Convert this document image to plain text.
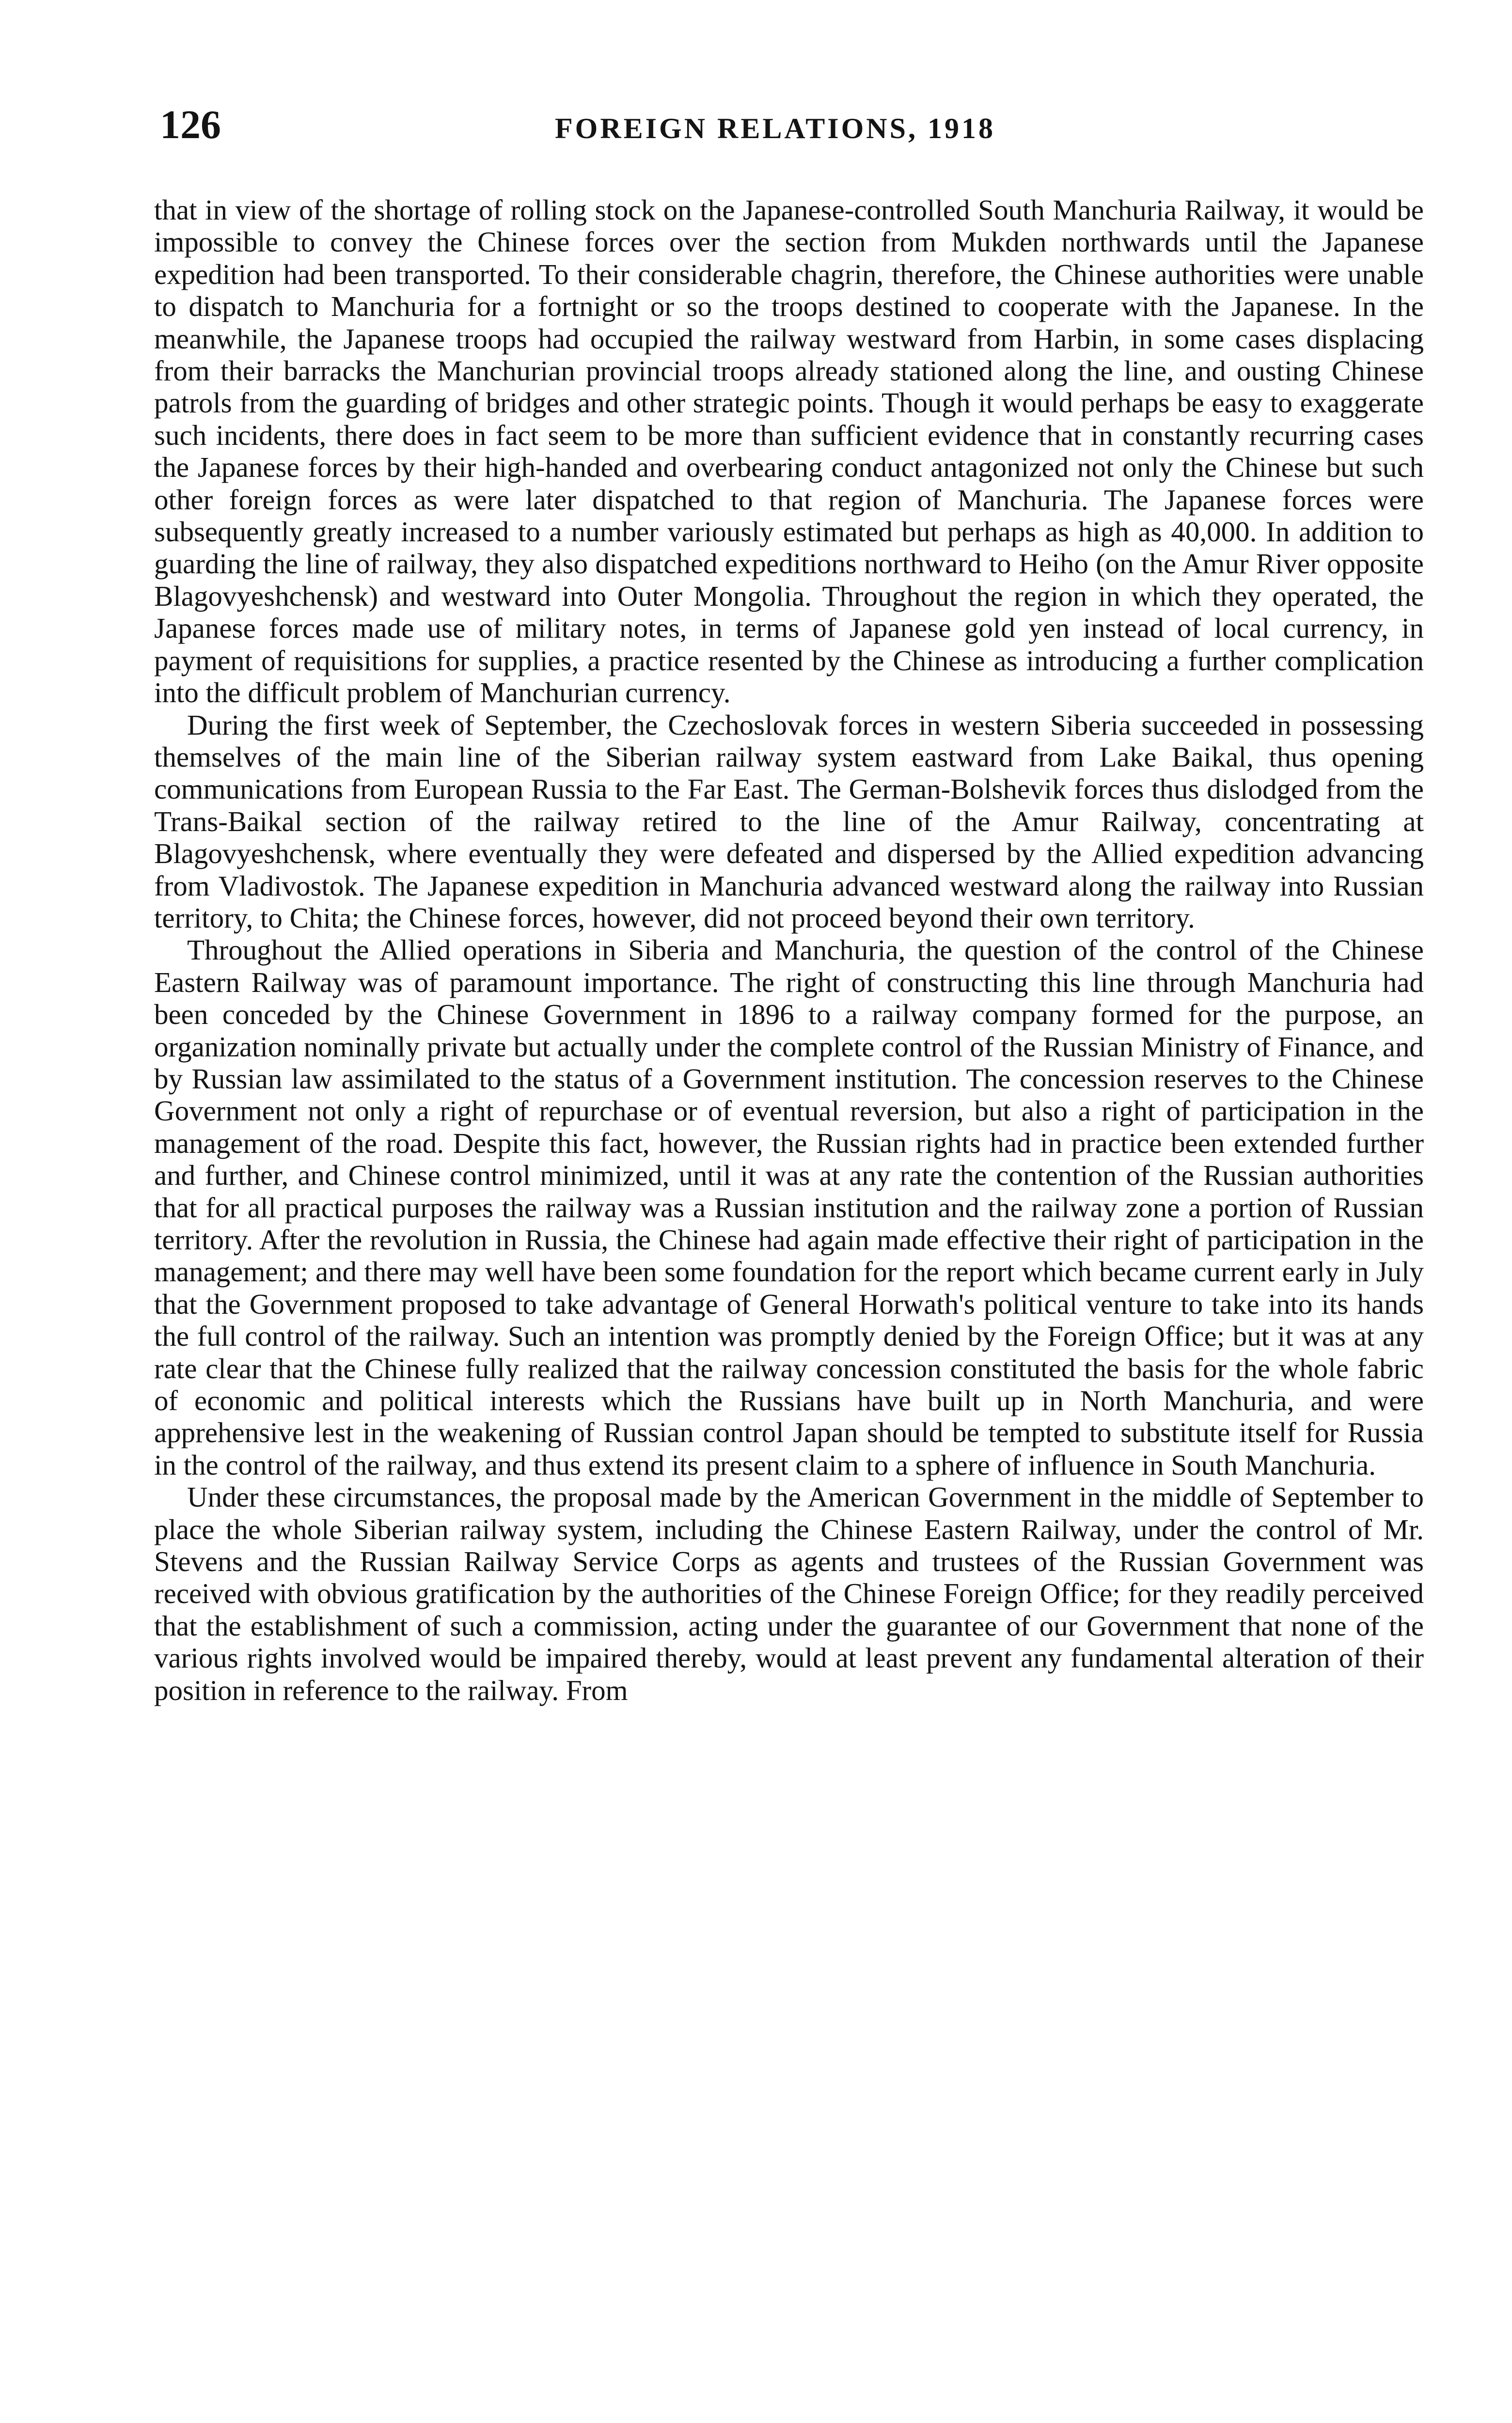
126	FOREIGN RELATIONS, 1918

that in view of the shortage of rolling stock on the Japanese-controlled South Manchuria Railway, it would be impossible to convey the Chinese forces over the section from Mukden northwards until the Japanese expedition had been transported. To their considerable chagrin, therefore, the Chinese authorities were unable to dispatch to Manchuria for a fortnight or so the troops destined to cooperate with the Japanese. In the meanwhile, the Japanese troops had occupied the railway westward from Harbin, in some cases displacing from their barracks the Manchurian provincial troops already stationed along the line, and ousting Chinese patrols from the guarding of bridges and other strategic points. Though it would perhaps be easy to exaggerate such incidents, there does in fact seem to be more than sufficient evidence that in constantly recurring cases the Japanese forces by their high-handed and overbearing conduct antagonized not only the Chinese but such other foreign forces as were later dispatched to that region of Manchuria. The Japanese forces were subsequently greatly increased to a number variously estimated but perhaps as high as 40,000. In addition to guarding the line of railway, they also dispatched expeditions northward to Heiho (on the Amur River opposite Blagovyeshchensk) and westward into Outer Mongolia. Throughout the region in which they operated, the Japanese forces made use of military notes, in terms of Japanese gold yen instead of local currency, in payment of requisitions for supplies, a practice resented by the Chinese as introducing a further complication into the difficult problem of Manchurian currency.

During the first week of September, the Czechoslovak forces in western Siberia succeeded in possessing themselves of the main line of the Siberian railway system eastward from Lake Baikal, thus opening communications from European Russia to the Far East. The German-Bolshevik forces thus dislodged from the Trans-Baikal section of the railway retired to the line of the Amur Railway, concentrating at Blagovyeshchensk, where eventually they were defeated and dispersed by the Allied expedition advancing from Vladivostok. The Japanese expedition in Manchuria advanced westward along the railway into Russian territory, to Chita; the Chinese forces, however, did not proceed beyond their own territory.

Throughout the Allied operations in Siberia and Manchuria, the question of the control of the Chinese Eastern Railway was of paramount importance. The right of constructing this line through Manchuria had been conceded by the Chinese Government in 1896 to a railway company formed for the purpose, an organization nominally private but actually under the complete control of the Russian Ministry of Finance, and by Russian law assimilated to the status of a Government institution. The concession reserves to the Chinese Government not only a right of repurchase or of eventual reversion, but also a right of participation in the management of the road. Despite this fact, however, the Russian rights had in practice been extended further and further, and Chinese control minimized, until it was at any rate the contention of the Russian authorities that for all practical purposes the railway was a Russian institution and the railway zone a portion of Russian territory. After the revolution in Russia, the Chinese had again made effective their right of participation in the management; and there may well have been some foundation for the report which became current early in July that the Government proposed to take advantage of General Horwath's political venture to take into its hands the full control of the railway. Such an intention was promptly denied by the Foreign Office; but it was at any rate clear that the Chinese fully realized that the railway concession constituted the basis for the whole fabric of economic and political interests which the Russians have built up in North Manchuria, and were apprehensive lest in the weakening of Russian control Japan should be tempted to substitute itself for Russia in the control of the railway, and thus extend its present claim to a sphere of influence in South Manchuria.

Under these circumstances, the proposal made by the American Government in the middle of September to place the whole Siberian railway system, including the Chinese Eastern Railway, under the control of Mr. Stevens and the Russian Railway Service Corps as agents and trustees of the Russian Government was received with obvious gratification by the authorities of the Chinese Foreign Office; for they readily perceived that the establishment of such a commission, acting under the guarantee of our Government that none of the various rights involved would be impaired thereby, would at least prevent any fundamental alteration of their position in reference to the railway. From
